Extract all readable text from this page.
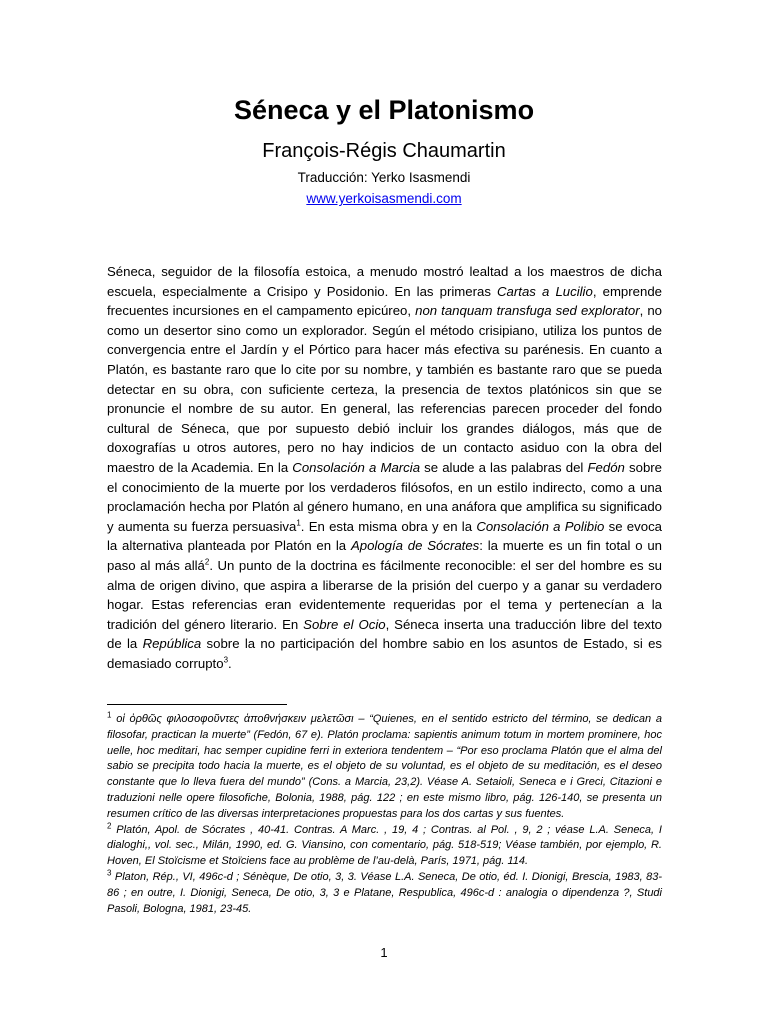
Séneca y el Platonismo
François-Régis Chaumartin
Traducción: Yerko Isasmendi
www.yerkoisasmendi.com

Séneca, seguidor de la filosofía estoica, a menudo mostró lealtad a los maestros de dicha escuela, especialmente a Crisipo y Posidonio. En las primeras Cartas a Lucilio, emprende frecuentes incursiones en el campamento epicúreo, non tanquam transfuga sed explorator, no como un desertor sino como un explorador. Según el método crisipiano, utiliza los puntos de convergencia entre el Jardín y el Pórtico para hacer más efectiva su parénesis. En cuanto a Platón, es bastante raro que lo cite por su nombre, y también es bastante raro que se pueda detectar en su obra, con suficiente certeza, la presencia de textos platónicos sin que se pronuncie el nombre de su autor. En general, las referencias parecen proceder del fondo cultural de Séneca, que por supuesto debió incluir los grandes diálogos, más que de doxografías u otros autores, pero no hay indicios de un contacto asiduo con la obra del maestro de la Academia. En la Consolación a Marcia se alude a las palabras del Fedón sobre el conocimiento de la muerte por los verdaderos filósofos, en un estilo indirecto, como a una proclamación hecha por Platón al género humano, en una anáfora que amplifica su significado y aumenta su fuerza persuasiva$^1$. En esta misma obra y en la Consolación a Polibio se evoca la alternativa planteada por Platón en la Apología de Sócrates: la muerte es un fin total o un paso al más allá$^2$. Un punto de la doctrina es fácilmente reconocible: el ser del hombre es su alma de origen divino, que aspira a liberarse de la prisión del cuerpo y a ganar su verdadero hogar. Estas referencias eran evidentemente requeridas por el tema y pertenecían a la tradición del género literario. En Sobre el Ocio, Séneca inserta una traducción libre del texto de la República sobre la no participación del hombre sabio en los asuntos de Estado, si es demasiado corrupto$^3$.

$^1$ οἱ ὀρθῶς φιλοσοφοῦντες ἀποθνήσκειν μελετῶσι – “Quienes, en el sentido estricto del término, se dedican a filosofar, practican la muerte” (Fedón, 67 e). Platón proclama: sapientis animum totum in mortem prominere, hoc uelle, hoc meditari, hac semper cupidine ferri in exteriora tendentem – “Por eso proclama Platón que el alma del sabio se precipita todo hacia la muerte, es el objeto de su voluntad, es el objeto de su meditación, es el deseo constante que lo lleva fuera del mundo” (Cons. a Marcia, 23,2). Véase A. Setaioli, Seneca e i Greci, Citazioni e traduzioni nelle opere filosofiche, Bolonia, 1988, pág. 122 ; en este mismo libro, pág. 126-140, se presenta un resumen crítico de las diversas interpretaciones propuestas para los dos cartas y sus fuentes.

$^2$ Platón, Apol. de Sócrates , 40-41. Contras. A Marc. , 19, 4 ; Contras. al Pol. , 9, 2 ; véase L.A. Seneca, I dialoghi,, vol. sec., Milán, 1990, ed. G. Viansino, con comentario, pág. 518-519; Véase también, por ejemplo, R. Hoven, El Stoïcisme et Stoïciens face au problème de l’au-delà, París, 1971, pág. 114.

$^3$ Platon, Rép., VI, 496c-d ; Sénèque, De otio, 3, 3. Véase L.A. Seneca, De otio, éd. I. Dionigi, Brescia, 1983, 83-86 ; en outre, I. Dionigi, Seneca, De otio, 3, 3 e Platane, Respublica, 496c-d : analogia o dipendenza ?, Studi Pasoli, Bologna, 1981, 23-45.

1
